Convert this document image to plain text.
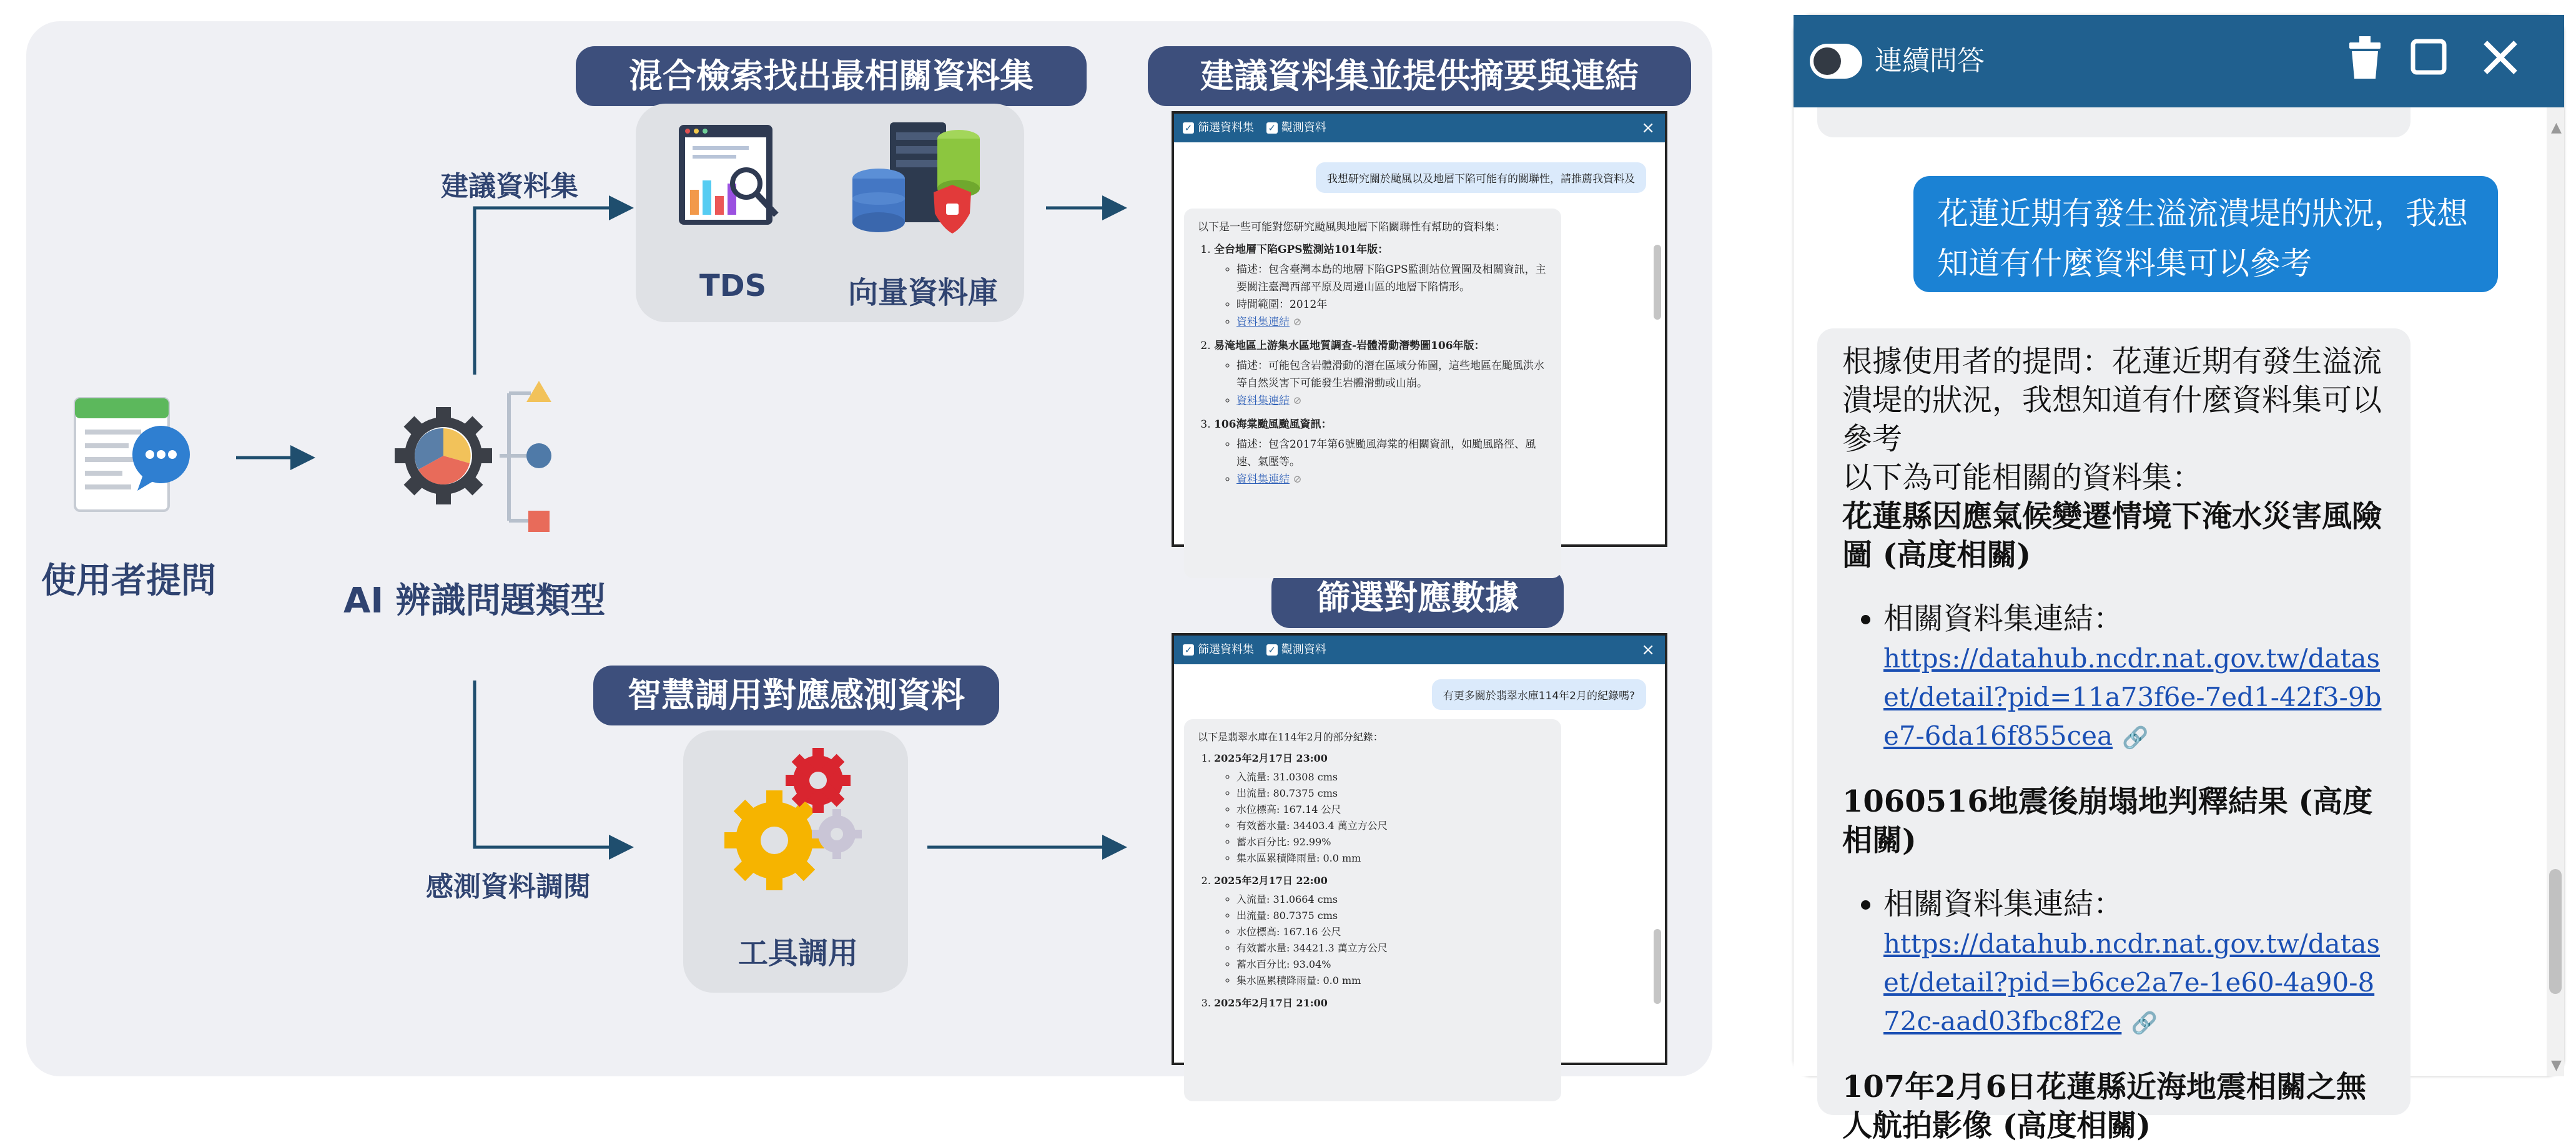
混合檢索找出最相關資料集	建議資料集並提供摘要與連結
篩選對應數據
智慧調用對應感測資料
TDS	向量資料庫
工具調用
使用者提問	AI 辨識問題類型
建議資料集
感測資料調閱
✓ 篩選資料集 ✓ 觀測資料	×
我想研究關於颱風以及地層下陷可能有的關聯性，請推薦我資料及
以下是一些可能對您研究颱風與地層下陷關聯性有幫助的資料集：
1. 全台地層下陷GPS監測站101年版：
◦ 描述：包含臺灣本島的地層下陷GPS監測站位置圖及相關資訊，主要關注臺灣西部平原及周邊山區的地層下陷情形。
◦ 時間範圍：2012年
◦ 資料集連結 ⊘
2. 易淹地區上游集水區地質調查-岩體滑動潛勢圖106年版：
◦ 描述：可能包含岩體滑動的潛在區域分佈圖，這些地區在颱風洪水等自然災害下可能發生岩體滑動或山崩。
◦ 資料集連結 ⊘
3. 106海棠颱風颱風資訊：
◦ 描述：包含2017年第6號颱風海棠的相關資訊，如颱風路徑、風速、氣壓等。
◦ 資料集連結 ⊘
✓ 篩選資料集 ✓ 觀測資料	×
有更多關於翡翠水庫114年2月的紀錄嗎?
以下是翡翠水庫在114年2月的部分紀錄：
1. 2025年2月17日 23:00
◦ 入流量: 31.0308 cms
◦ 出流量: 80.7375 cms
◦ 水位標高: 167.14 公尺
◦ 有效蓄水量: 34403.4 萬立方公尺
◦ 蓄水百分比: 92.99%
◦ 集水區累積降雨量: 0.0 mm
2. 2025年2月17日 22:00
◦ 入流量: 31.0664 cms
◦ 出流量: 80.7375 cms
◦ 水位標高: 167.16 公尺
◦ 有效蓄水量: 34421.3 萬立方公尺
◦ 蓄水百分比: 93.04%
◦ 集水區累積降雨量: 0.0 mm
3. 2025年2月17日 21:00
連續問答
花蓮近期有發生溢流潰堤的狀況，我想知道有什麼資料集可以參考

根據使用者的提問：花蓮近期有發生溢流潰堤的狀況，我想知道有什麼資料集可以參考

以下為可能相關的資料集：

花蓮縣因應氣候變遷情境下淹水災害風險圖 (高度相關)

• 相關資料集連結：
https://datahub.ncdr.nat.gov.tw/dataset/detail?pid=11a73f6e-7ed1-42f3-9be7-6da16f855cea 🔗

1060516地震後崩塌地判釋結果 (高度相關)

• 相關資料集連結：
https://datahub.ncdr.nat.gov.tw/dataset/detail?pid=b6ce2a7e-1e60-4a90-872c-aad03fbc8f2e 🔗

107年2月6日花蓮縣近海地震相關之無人航拍影像 (高度相關)

▲
▼
